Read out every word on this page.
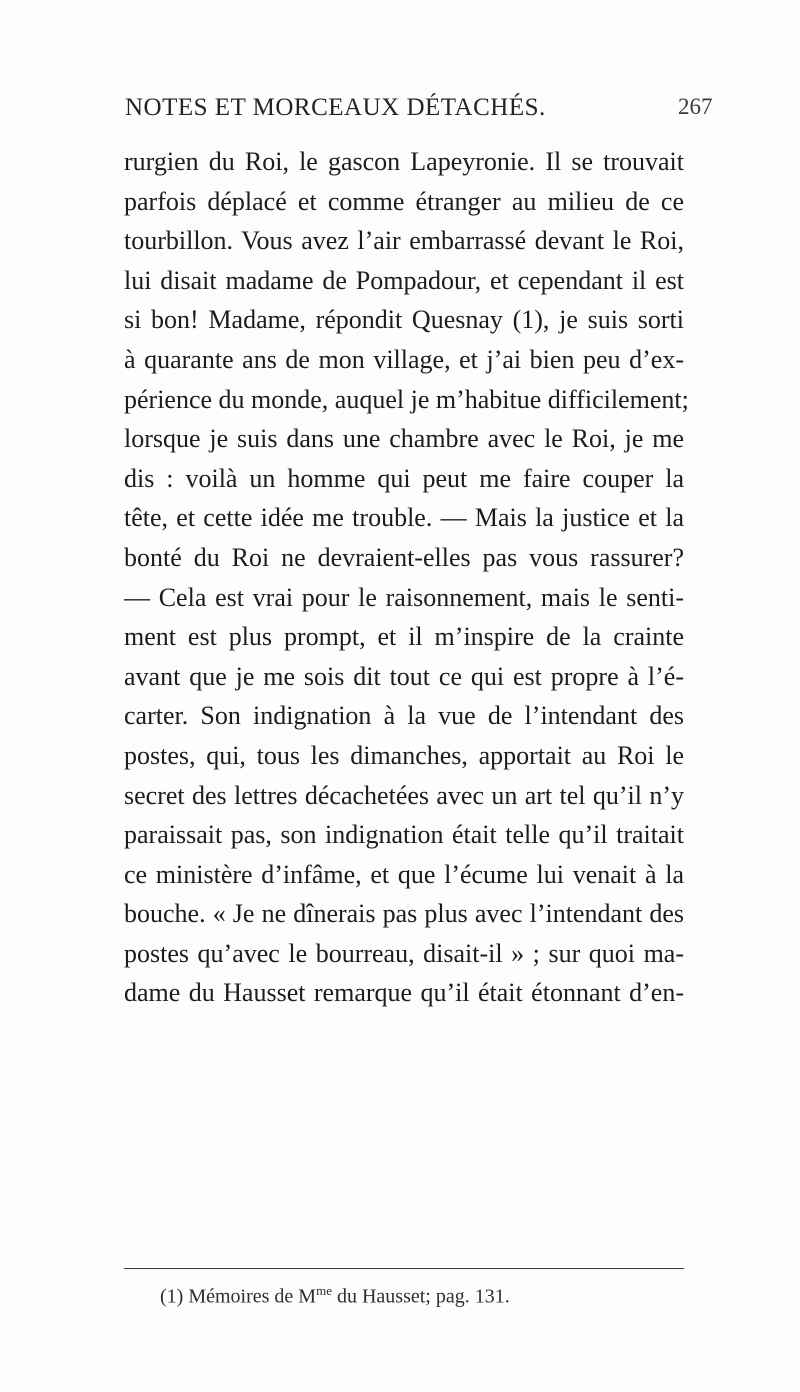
NOTES ET MORCEAUX DÉTACHÉS.	267
rurgien du Roi, le gascon Lapeyronie. Il se trouvait
parfois déplacé et comme étranger au milieu de ce
tourbillon. Vous avez l’air embarrassé devant le Roi,
lui disait madame de Pompadour, et cependant il est
si bon! Madame, répondit Quesnay (1), je suis sorti
à quarante ans de mon village, et j’ai bien peu d’ex-
périence du monde, auquel je m’habitue difficilement;
lorsque je suis dans une chambre avec le Roi, je me
dis : voilà un homme qui peut me faire couper la
tête, et cette idée me trouble. — Mais la justice et la
bonté du Roi ne devraient-elles pas vous rassurer?
— Cela est vrai pour le raisonnement, mais le senti-
ment est plus prompt, et il m’inspire de la crainte
avant que je me sois dit tout ce qui est propre à l’é-
carter. Son indignation à la vue de l’intendant des
postes, qui, tous les dimanches, apportait au Roi le
secret des lettres décachetées avec un art tel qu’il n’y
paraissait pas, son indignation était telle qu’il traitait
ce ministère d’infâme, et que l’écume lui venait à la
bouche. « Je ne dînerais pas plus avec l’intendant des
postes qu’avec le bourreau, disait-il » ; sur quoi ma-
dame du Hausset remarque qu’il était étonnant d’en-
(1) Mémoires de $M^{me}$ du Hausset; pag. 131.
